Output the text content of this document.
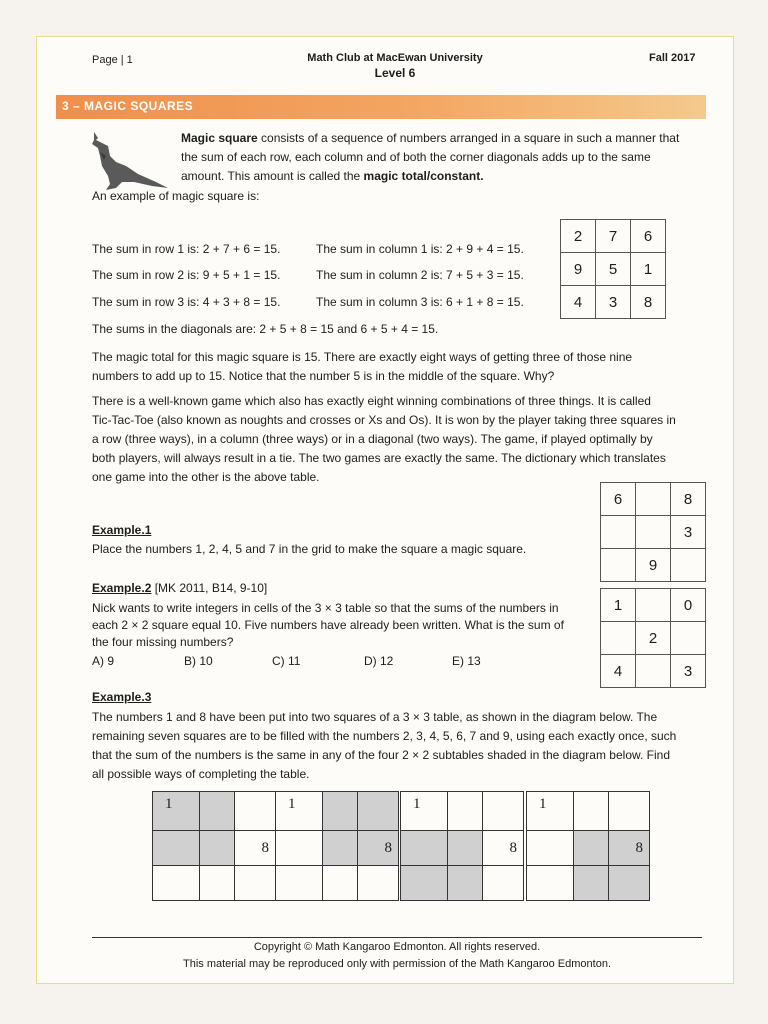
Page | 1	Math Club at MacEwan University
Level 6
Fall 2017
3 – MAGIC SQUARES

Magic square consists of a sequence of numbers arranged in a square in such a manner that

the sum of each row, each column and of both the corner diagonals adds up to the same

amount. This amount is called the magic total/constant.

An example of magic square is:

2	7	6
9	5	1
4	3	8

The sum in row 1 is: 2 + 7 + 6 = 15.	The sum in column 1 is: 2 + 9 + 4 = 15.

The sum in row 2 is: 9 + 5 + 1 = 15.	The sum in column 2 is: 7 + 5 + 3 = 15.

The sum in row 3 is: 4 + 3 + 8 = 15.	The sum in column 3 is: 6 + 1 + 8 = 15.

The sums in the diagonals are: 2 + 5 + 8 = 15 and 6 + 5 + 4 = 15.

The magic total for this magic square is 15. There are exactly eight ways of getting three of those nine

numbers to add up to 15. Notice that the number 5 is in the middle of the square. Why?

There is a well-known game which also has exactly eight winning combinations of three things. It is called

Tic-Tac-Toe (also known as noughts and crosses or Xs and Os). It is won by the player taking three squares in

a row (three ways), in a column (three ways) or in a diagonal (two ways). The game, if played optimally by

both players, will always result in a tie. The two games are exactly the same. The dictionary which translates

one game into the other is the above table.

6		8
		3
	9	

Example.1

Place the numbers 1, 2, 4, 5 and 7 in the grid to make the square a magic square.

Example.2 [MK 2011, B14, 9-10]

Nick wants to write integers in cells of the 3 × 3 table so that the sums of the numbers in

each 2 × 2 square equal 10. Five numbers have already been written. What is the sum of

the four missing numbers?

A) 9	B) 10	C) 11	D) 12	E) 13

1		0
	2	
4		3

Example.3

The numbers 1 and 8 have been put into two squares of a 3 × 3 table, as shown in the diagram below. The

remaining seven squares are to be filled with the numbers 2, 3, 4, 5, 6, 7 and 9, using each exactly once, such

that the sum of the numbers is the same in any of the four 2 × 2 subtables shaded in the diagram below. Find

all possible ways of completing the table.

1		
		8

1		
		8

1		
		8

1		
		8

Copyright © Math Kangaroo Edmonton. All rights reserved.
This material may be reproduced only with permission of the Math Kangaroo Edmonton.
